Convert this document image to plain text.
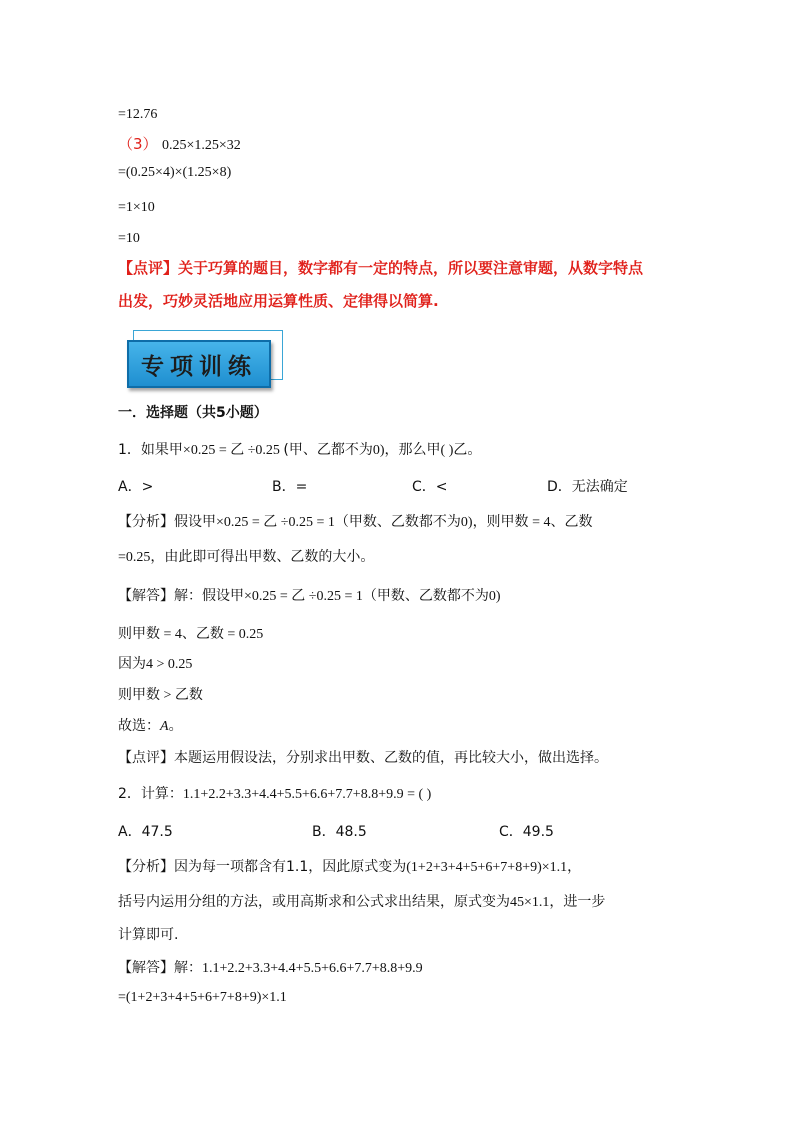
=12.76
（3） 0.25×1.25×32
=(0.25×4)×(1.25×8)
=1×10
=10
【点评】关于巧算的题目，数字都有一定的特点，所以要注意审题，从数字特点
出发，巧妙灵活地应用运算性质、定律得以简算.
专项训练
一．选择题（共5小题）
1．如果甲×0.25 = 乙 ÷0.25 (甲、乙都不为0)，那么甲( )乙。
A．>	B．=	C．<	D．无法确定
【分析】假设甲×0.25 = 乙 ÷0.25 = 1（甲数、乙数都不为0)，则甲数 = 4、乙数
=0.25，由此即可得出甲数、乙数的大小。
【解答】解：假设甲×0.25 = 乙 ÷0.25 = 1（甲数、乙数都不为0)
则甲数 = 4、乙数 = 0.25
因为4 > 0.25
则甲数 > 乙数
故选：A。
【点评】本题运用假设法，分别求出甲数、乙数的值，再比较大小，做出选择。
2．计算：1.1+2.2+3.3+4.4+5.5+6.6+7.7+8.8+9.9 = ( )
A．47.5	B．48.5	C．49.5
【分析】因为每一项都含有1.1，因此原式变为(1+2+3+4+5+6+7+8+9)×1.1，
括号内运用分组的方法，或用高斯求和公式求出结果，原式变为45×1.1，进一步
计算即可.
【解答】解：1.1+2.2+3.3+4.4+5.5+6.6+7.7+8.8+9.9
=(1+2+3+4+5+6+7+8+9)×1.1
